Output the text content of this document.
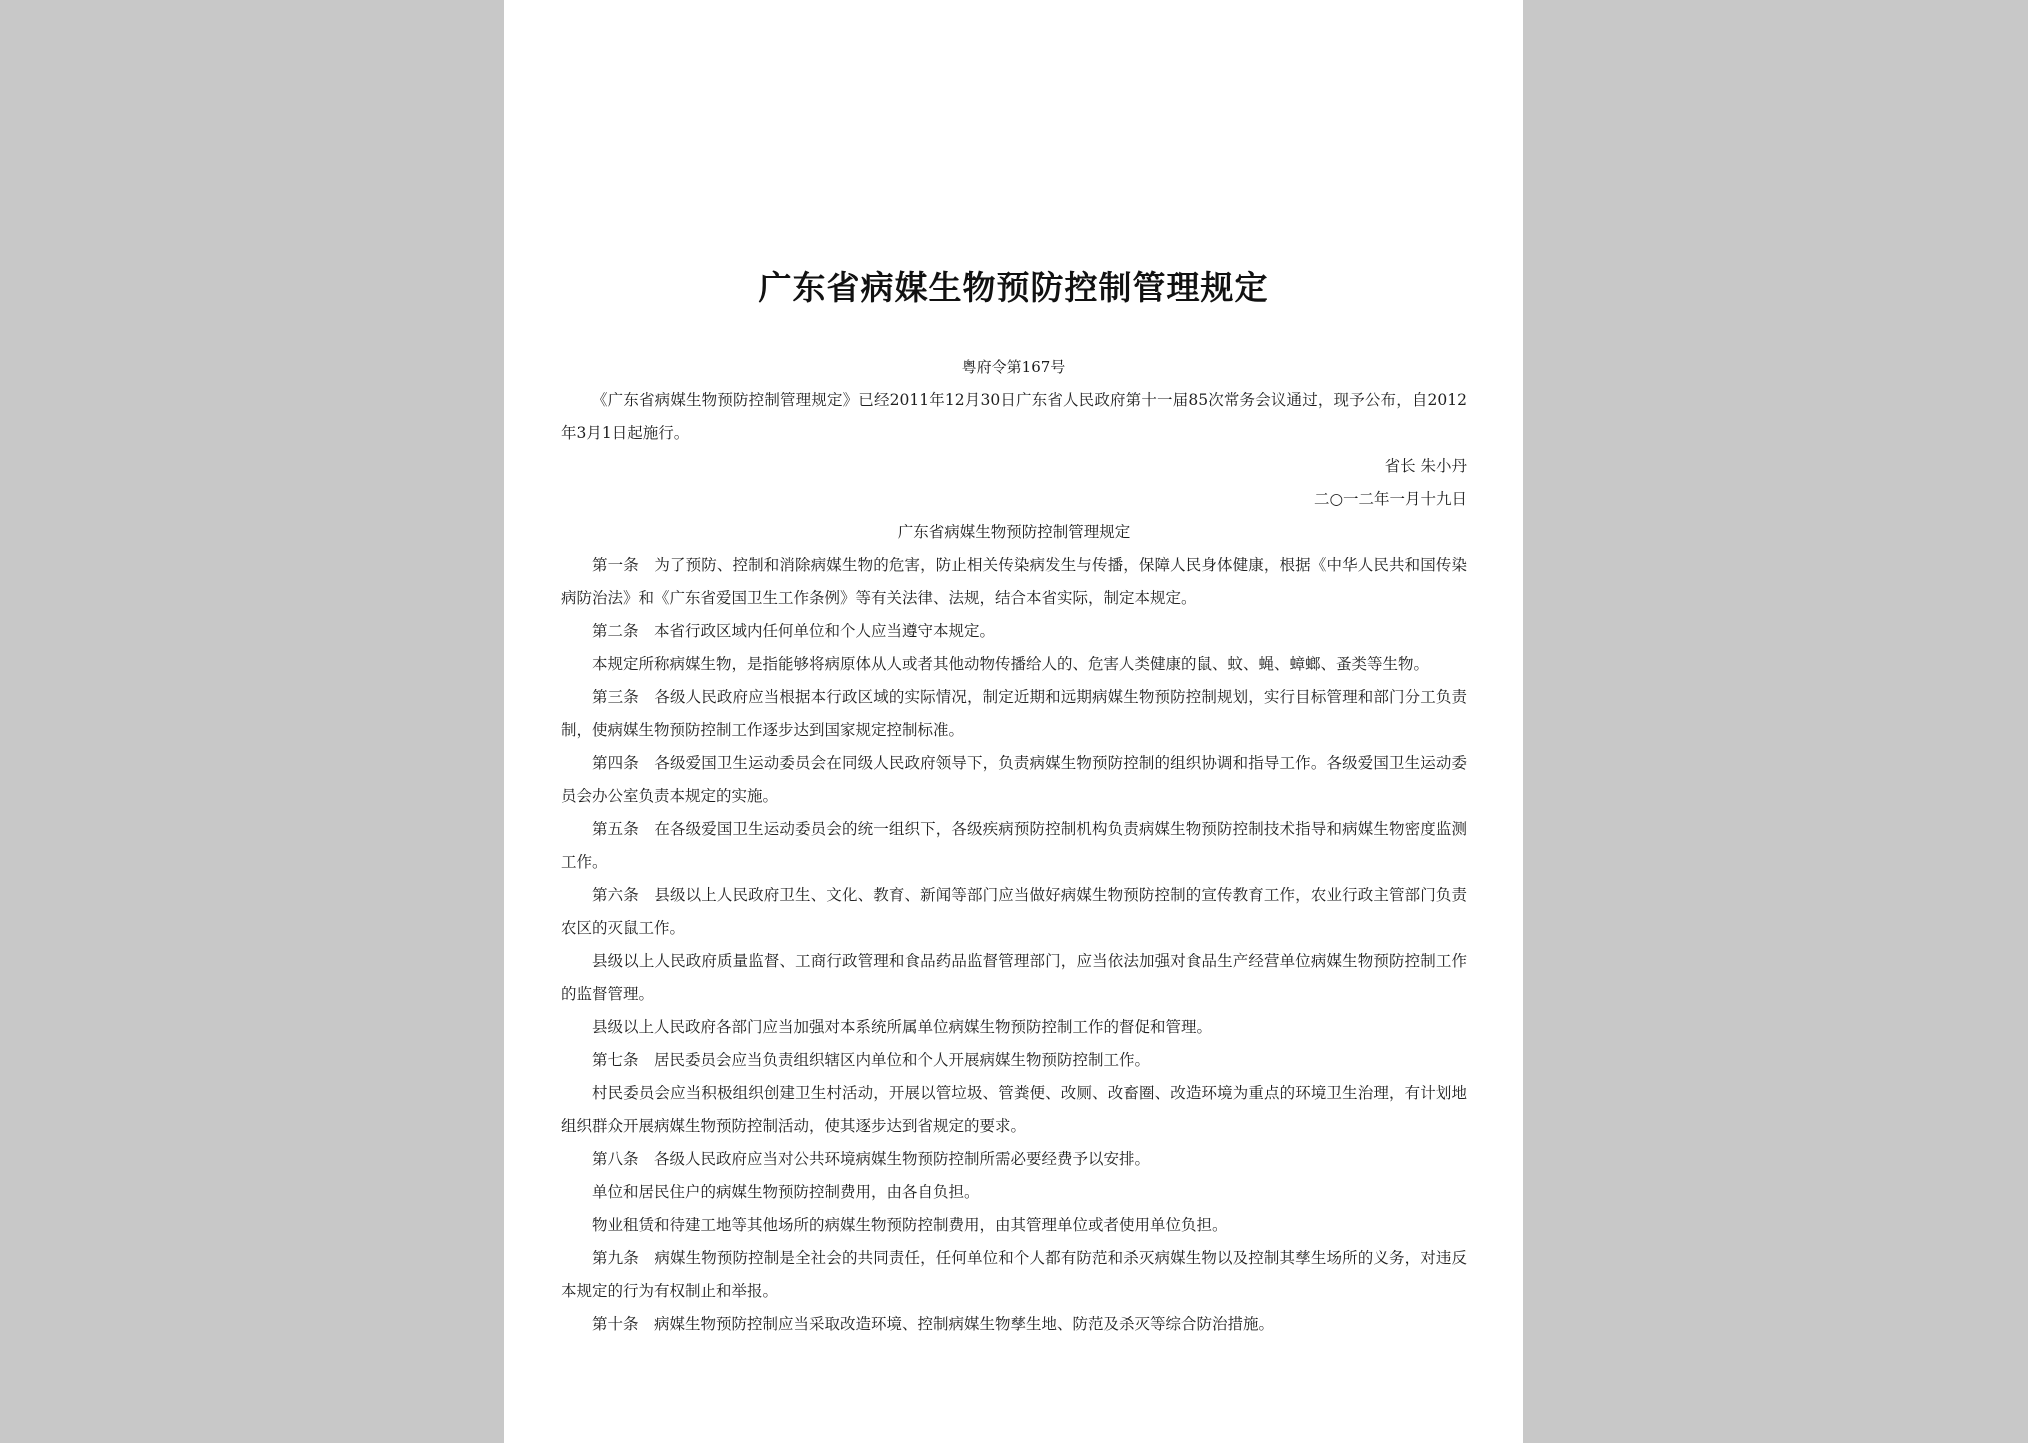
广东省病媒生物预防控制管理规定
粤府令第167号

《广东省病媒生物预防控制管理规定》已经2011年12月30日广东省人民政府第十一届85次常务会议通过，现予公布，自2012年3月1日起施行。

省长 朱小丹

二○一二年一月十九日

广东省病媒生物预防控制管理规定

第一条 为了预防、控制和消除病媒生物的危害，防止相关传染病发生与传播，保障人民身体健康，根据《中华人民共和国传染病防治法》和《广东省爱国卫生工作条例》等有关法律、法规，结合本省实际，制定本规定。

第二条 本省行政区域内任何单位和个人应当遵守本规定。

本规定所称病媒生物，是指能够将病原体从人或者其他动物传播给人的、危害人类健康的鼠、蚊、蝇、蟑螂、蚤类等生物。

第三条 各级人民政府应当根据本行政区域的实际情况，制定近期和远期病媒生物预防控制规划，实行目标管理和部门分工负责制，使病媒生物预防控制工作逐步达到国家规定控制标准。

第四条 各级爱国卫生运动委员会在同级人民政府领导下，负责病媒生物预防控制的组织协调和指导工作。各级爱国卫生运动委员会办公室负责本规定的实施。

第五条 在各级爱国卫生运动委员会的统一组织下，各级疾病预防控制机构负责病媒生物预防控制技术指导和病媒生物密度监测工作。

第六条 县级以上人民政府卫生、文化、教育、新闻等部门应当做好病媒生物预防控制的宣传教育工作，农业行政主管部门负责农区的灭鼠工作。

县级以上人民政府质量监督、工商行政管理和食品药品监督管理部门，应当依法加强对食品生产经营单位病媒生物预防控制工作的监督管理。

县级以上人民政府各部门应当加强对本系统所属单位病媒生物预防控制工作的督促和管理。

第七条 居民委员会应当负责组织辖区内单位和个人开展病媒生物预防控制工作。

村民委员会应当积极组织创建卫生村活动，开展以管垃圾、管粪便、改厕、改畜圈、改造环境为重点的环境卫生治理，有计划地组织群众开展病媒生物预防控制活动，使其逐步达到省规定的要求。

第八条 各级人民政府应当对公共环境病媒生物预防控制所需必要经费予以安排。

单位和居民住户的病媒生物预防控制费用，由各自负担。

物业租赁和待建工地等其他场所的病媒生物预防控制费用，由其管理单位或者使用单位负担。

第九条 病媒生物预防控制是全社会的共同责任，任何单位和个人都有防范和杀灭病媒生物以及控制其孳生场所的义务，对违反本规定的行为有权制止和举报。

第十条 病媒生物预防控制应当采取改造环境、控制病媒生物孳生地、防范及杀灭等综合防治措施。
